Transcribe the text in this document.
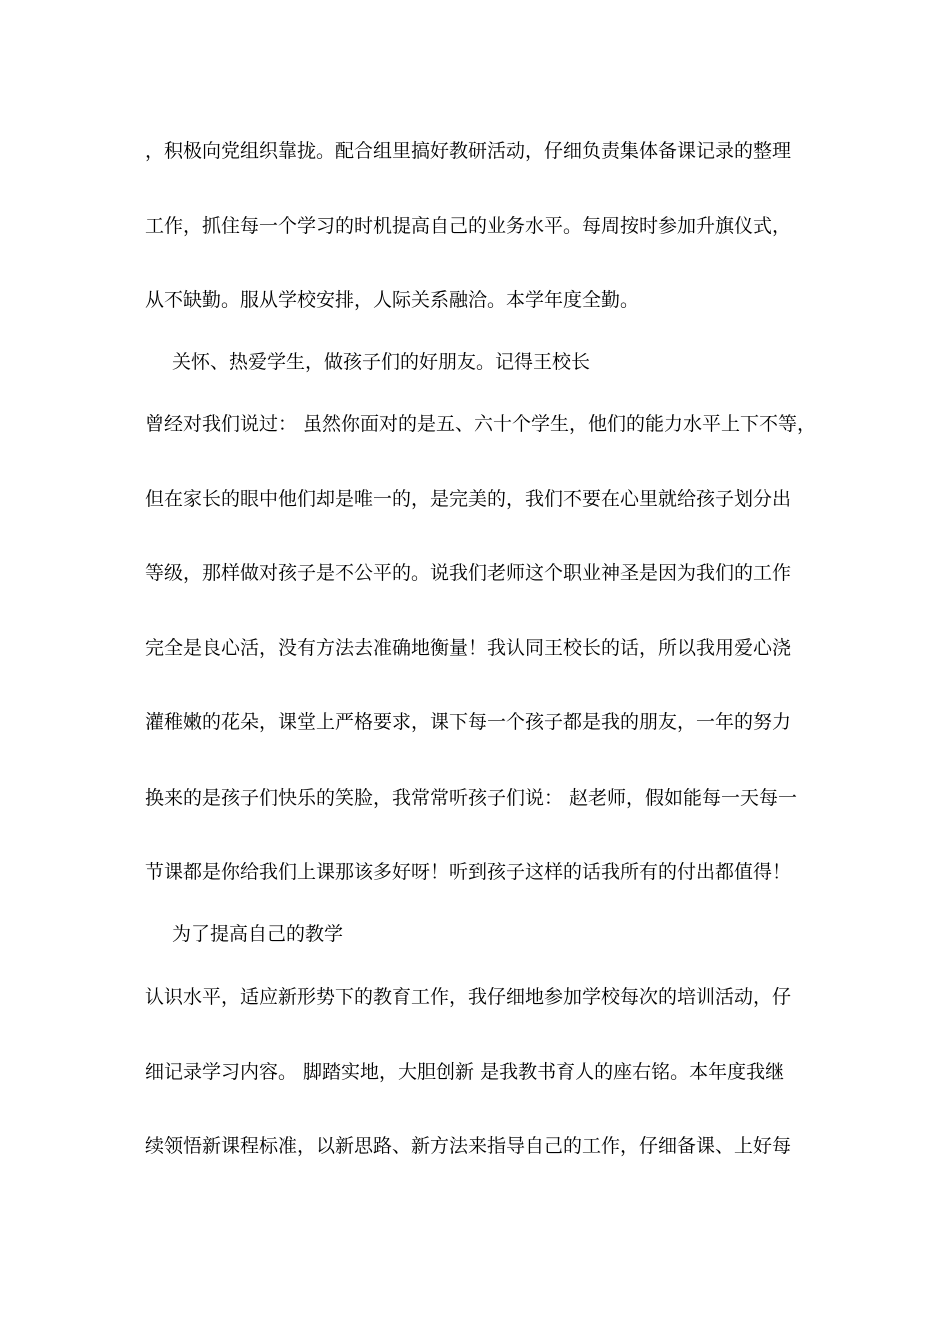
，积极向党组织靠拢。配合组里搞好教研活动，仔细负责集体备课记录的整理
工作，抓住每一个学习的时机提高自己的业务水平。每周按时参加升旗仪式，
从不缺勤。服从学校安排，人际关系融洽。本学年度全勤。
关怀、热爱学生，做孩子们的好朋友。记得王校长
曾经对我们说过： 虽然你面对的是五、六十个学生，他们的能力水平上下不等，
但在家长的眼中他们却是唯一的，是完美的，我们不要在心里就给孩子划分出
等级，那样做对孩子是不公平的。说我们老师这个职业神圣是因为我们的工作
完全是良心活，没有方法去准确地衡量！我认同王校长的话，所以我用爱心浇
灌稚嫩的花朵，课堂上严格要求，课下每一个孩子都是我的朋友，一年的努力
换来的是孩子们快乐的笑脸，我常常听孩子们说： 赵老师，假如能每一天每一
节课都是你给我们上课那该多好呀！听到孩子这样的话我所有的付出都值得！
为了提高自己的教学
认识水平，适应新形势下的教育工作，我仔细地参加学校每次的培训活动，仔
细记录学习内容。 脚踏实地，大胆创新 是我教书育人的座右铭。本年度我继
续领悟新课程标准，以新思路、新方法来指导自己的工作，仔细备课、上好每
